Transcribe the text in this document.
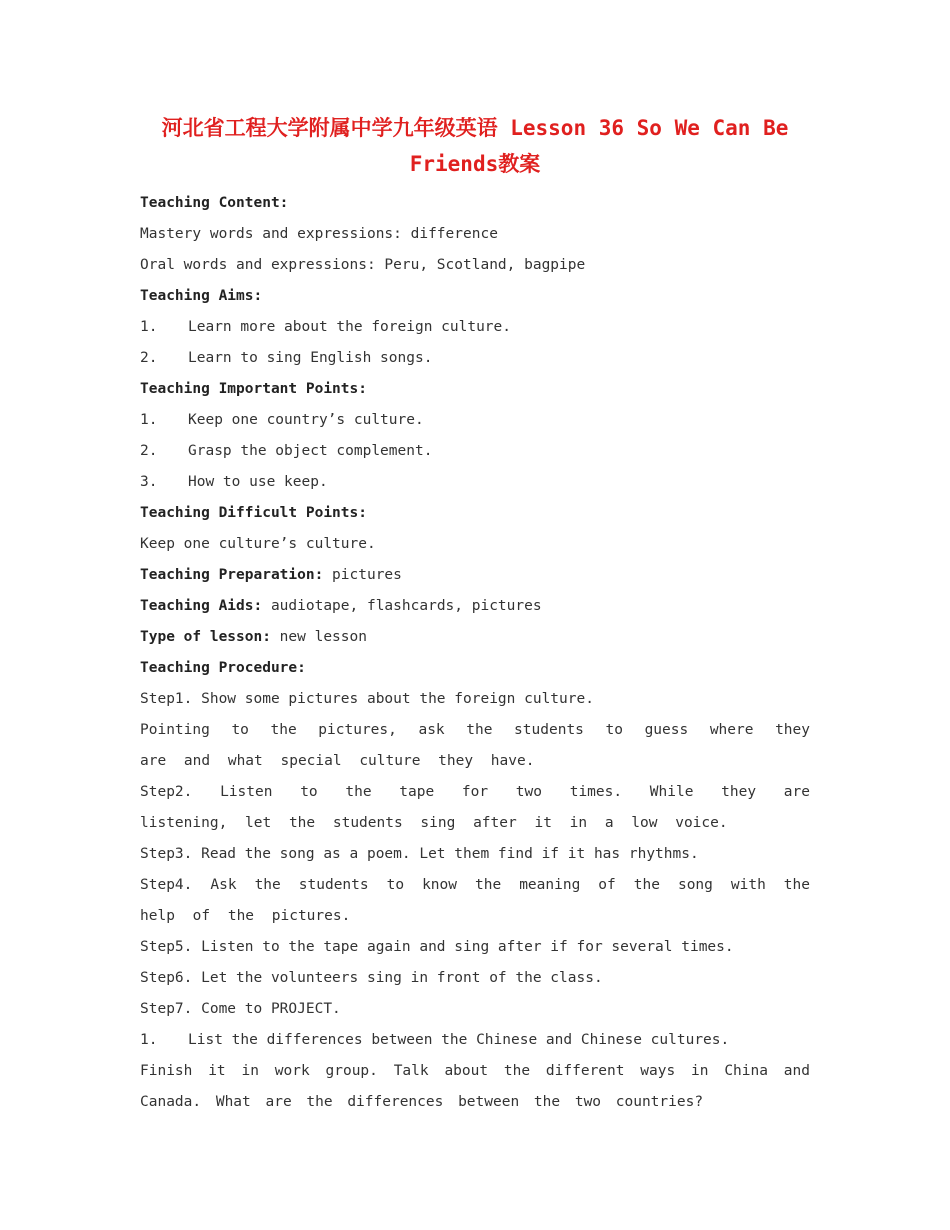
河北省工程大学附属中学九年级英语 Lesson 36 So We Can Be
Friends教案
Teaching Content:
Mastery words and expressions: difference
Oral words and expressions: Peru, Scotland, bagpipe
Teaching Aims:
1. Learn more about the foreign culture.
2. Learn to sing English songs.
Teaching Important Points:
1. Keep one country’s culture.
2. Grasp the object complement.
3. How to use keep.
Teaching Difficult Points:
Keep one culture’s culture.
Teaching Preparation: pictures
Teaching Aids: audiotape, flashcards, pictures
Type of lesson: new lesson
Teaching Procedure:
Step1. Show some pictures about the foreign culture.
Pointing to the pictures, ask the students to guess where they are and what special culture they have.
Step2. Listen to the tape for two times. While they are listening, let the students sing after it in a low voice.
Step3. Read the song as a poem. Let them find if it has rhythms.
Step4. Ask the students to know the meaning of the song with the help of the pictures.
Step5. Listen to the tape again and sing after if for several times.
Step6. Let the volunteers sing in front of the class.
Step7. Come to PROJECT.
1. List the differences between the Chinese and Chinese cultures.
Finish it in work group. Talk about the different ways in China and Canada. What are the differences between the two countries?
